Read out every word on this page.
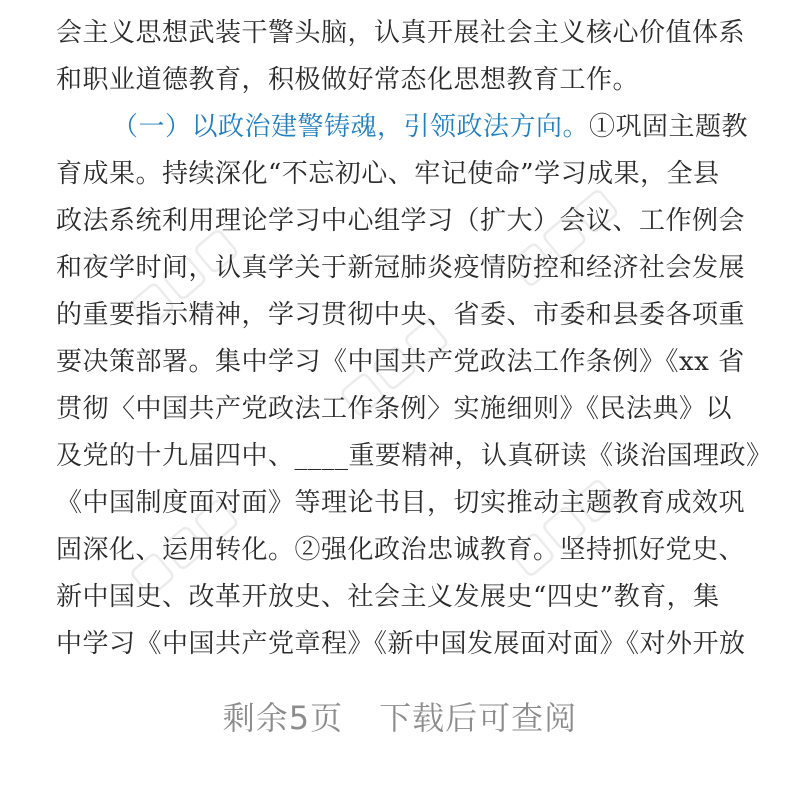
▢▢▢	▢▢▢
▢▢▢
▢▢▢	▢▢▢
会主义思想武装干警头脑，认真开展社会主义核心价值体系
和职业道德教育，积极做好常态化思想教育工作。
（一）以政治建警铸魂，引领政法方向。①巩固主题教
育成果。持续深化“不忘初心、牢记使命”学习成果，全县
政法系统利用理论学习中心组学习（扩大）会议、工作例会
和夜学时间，认真学关于新冠肺炎疫情防控和经济社会发展
的重要指示精神，学习贯彻中央、省委、市委和县委各项重
要决策部署。集中学习《中国共产党政法工作条例》《xx 省
贯彻〈中国共产党政法工作条例〉实施细则》《民法典》以
及党的十九届四中、____重要精神，认真研读《谈治国理政》
《中国制度面对面》等理论书目，切实推动主题教育成效巩
固深化、运用转化。②强化政治忠诚教育。坚持抓好党史、
新中国史、改革开放史、社会主义发展史“四史”教育，集
中学习《中国共产党章程》《新中国发展面对面》《对外开放
剩余5页 下载后可查阅
